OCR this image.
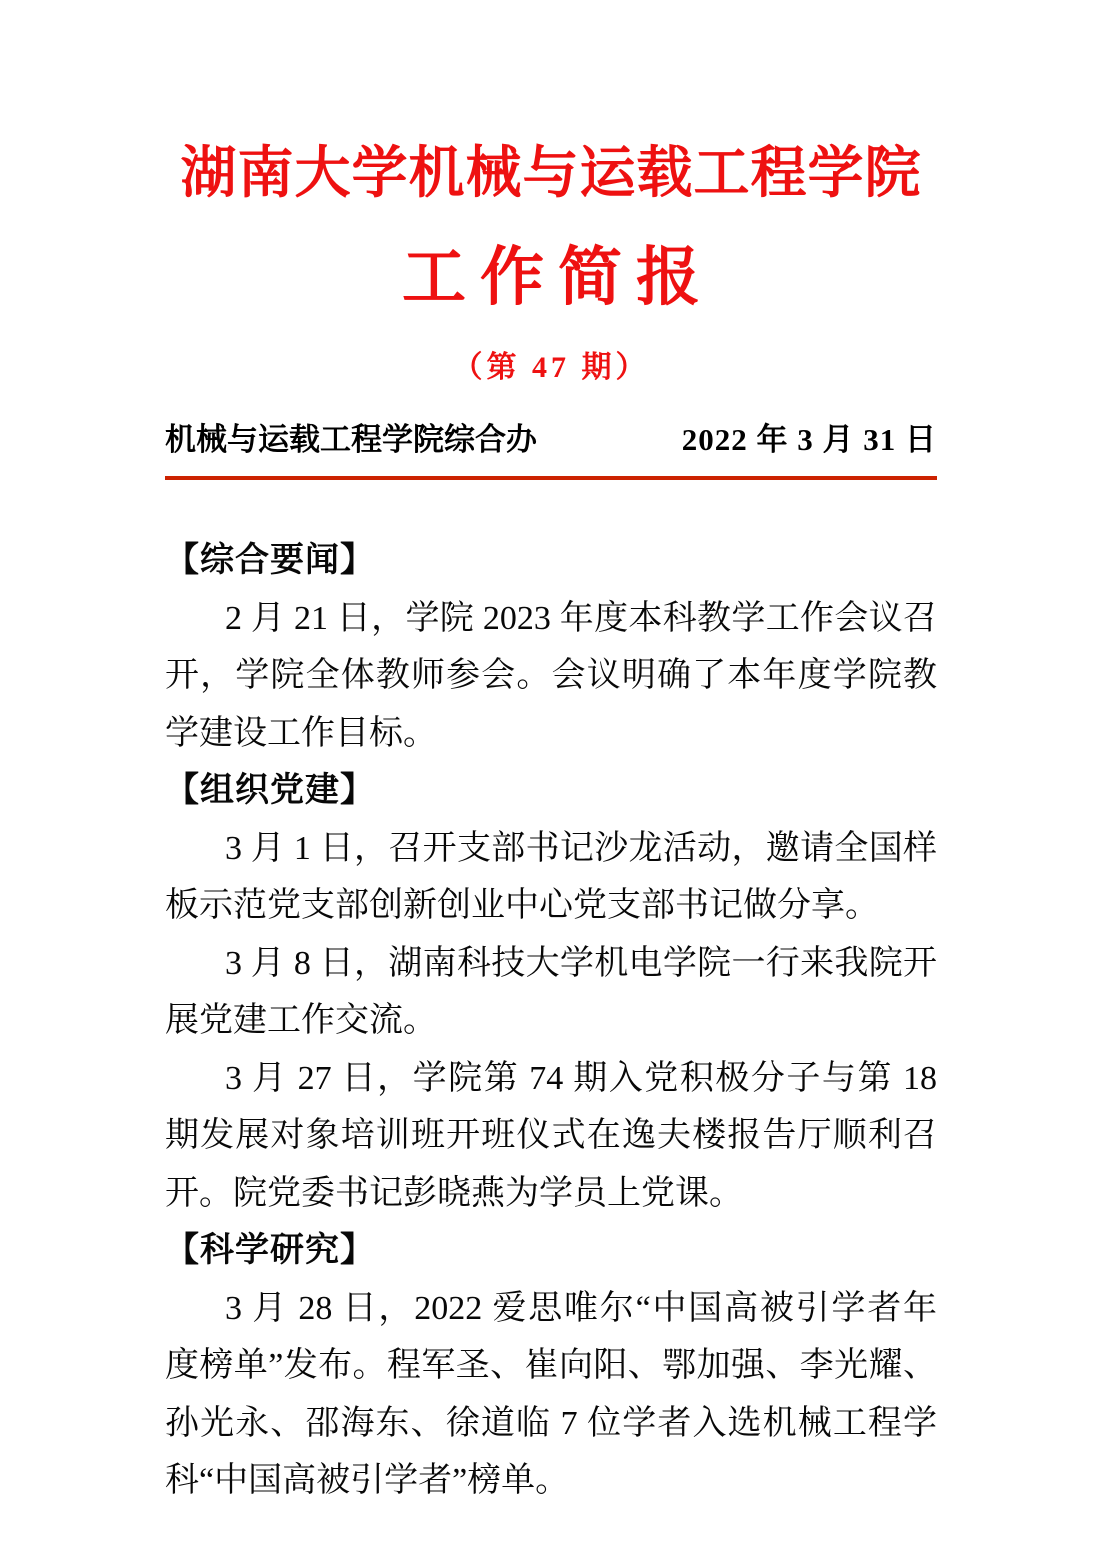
湖南大学机械与运载工程学院
工作简报
（第 47 期）
机械与运载工程学院综合办	2022 年 3 月 31 日
【综合要闻】
2 月 21 日，学院 2023 年度本科教学工作会议召开，学院全体教师参会。会议明确了本年度学院教学建设工作目标。
【组织党建】
3 月 1 日，召开支部书记沙龙活动，邀请全国样板示范党支部创新创业中心党支部书记做分享。
3 月 8 日，湖南科技大学机电学院一行来我院开展党建工作交流。
3 月 27 日，学院第 74 期入党积极分子与第 18 期发展对象培训班开班仪式在逸夫楼报告厅顺利召开。院党委书记彭晓燕为学员上党课。
【科学研究】
3 月 28 日，2022 爱思唯尔“中国高被引学者年度榜单”发布。程军圣、崔向阳、鄂加强、李光耀、孙光永、邵海东、徐道临 7 位学者入选机械工程学科“中国高被引学者”榜单。
